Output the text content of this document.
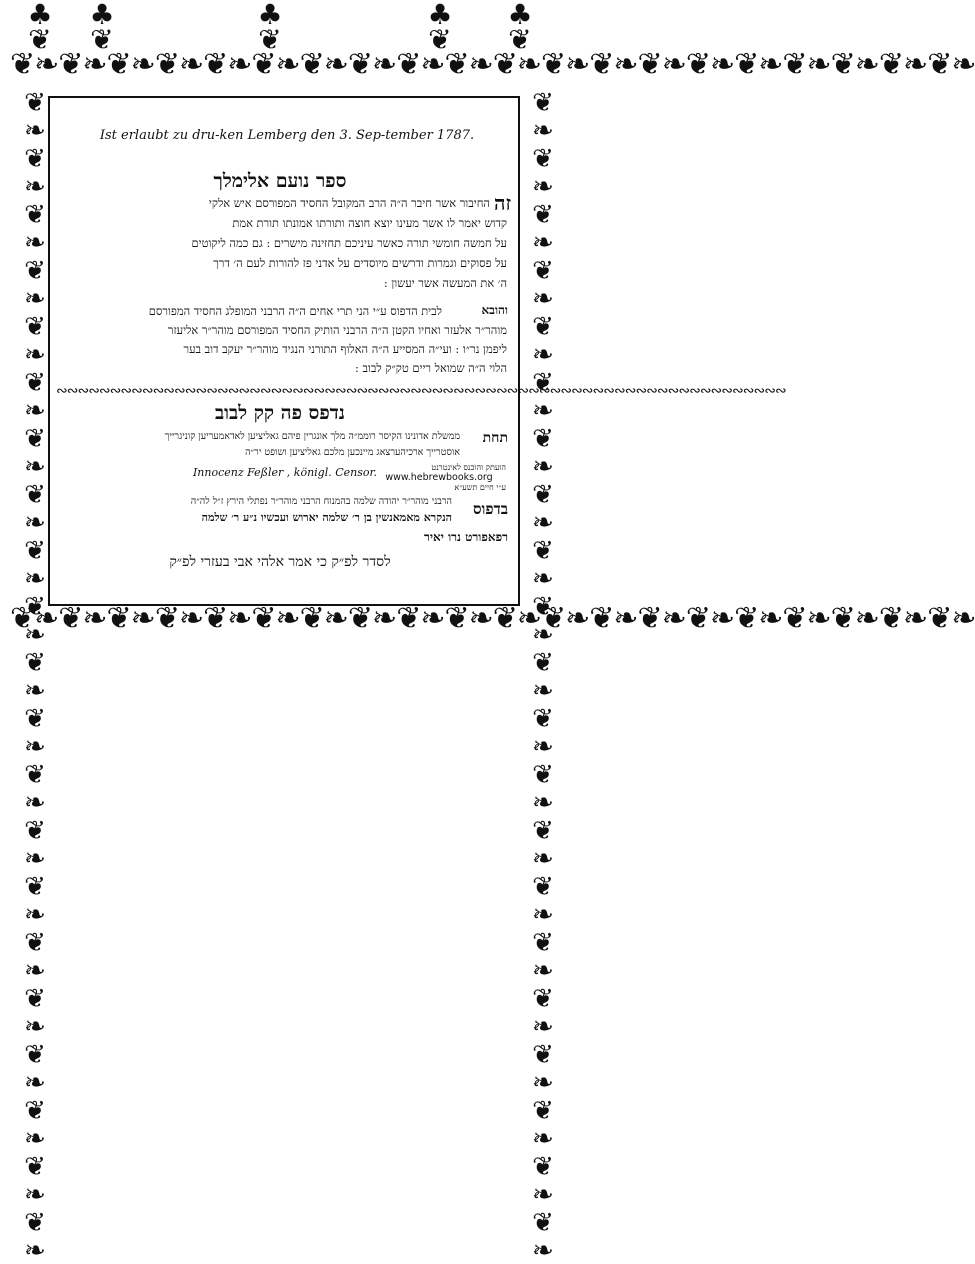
♣
❦
♣
❦
♣
❦
♣
❦
♣
❦
❦❧❦❧❦❧❦❧❦❧❦❧❦❧❦❧❦❧❦❧❦❧❦❧❦❧❦❧❦❧❦❧❦❧❦❧❦❧❦❧
❦❧❦❧❦❧❦❧❦❧❦❧❦❧❦❧❦❧❦❧❦❧❦❧❦❧❦❧❦❧❦❧❦❧❦❧❦❧❦❧
❦❧❦❧❦❧❦❧❦❧❦❧❦❧❦❧❦❧❦❧❦❧❦❧❦❧❦❧❦❧❦❧❦❧❦❧❦❧❦❧❦❧	❦❧❦❧❦❧❦❧❦❧❦❧❦❧❦❧❦❧❦❧❦❧❦❧❦❧❦❧❦❧❦❧❦❧❦❧❦❧❦❧❦❧
Ist erlaubt zu dru-ken Lemberg den 3. Sep-tember 1787.
ספר נועם אלימלך
זה
החיבור אשר חיבר ה״ה הרב המקובל החסיד המפורסם איש אלקי
קדוש יאמר לו אשר מעינו יוצא חוצה ותורתו אמונתו תורת אמת
על חמשה חומשי תורה כאשר עיניכם תחזינה מישרים : גם כמה ליקוטים
על פסוקים וגמרות ודרשים מיוסדים על אדני פז להורות לעם ה׳ דרך
ה׳ את המעשה אשר יעשון :
והובא
לבית הדפוס ע״י הני תרי אחים ה״ה הרבני המופלג החסיד המפורסם
מוהר״ר אלעזר ואחיו הקטן ה״ה הרבני הותיק החסיד המפורסם מוהר״ר אליעזר
ליפמן נר״ו : ועי״ה המסייע ה״ה האלוף התורני הנגיד מוהר״ר יעקב דוב בער
הלוי ה״ה שמואל ריים טק״ק לבוב :
∾∾∾∾∾∾∾∾∾∾∾∾∾∾∾∾∾∾∾∾∾∾∾∾∾∾∾∾∾∾∾∾∾∾∾∾∾∾∾∾∾∾∾∾∾∾∾∾∾∾∾∾∾∾∾∾∾∾∾∾∾∾∾∾∾∾∾∾
נדפס פה קק לבוב
תחת
ממשלת אדונינו הקיסר רוממ״ה מלך אונגרין פיהם גאליציען לאדאמעריען קוניגרייך
אוסטרייך ארכיהערצאג מיינכען מלכם גאליציען ושופט יר״ה
הועתק והוכנס לאינטרנט
www.hebrewbooks.org
ע״י חיים תשע״א
Innocenz Feßler , königl. Censor.
בדפוס
הרבני מוהר״ר יהודה שלמה בהמנוח הרבני מוהר״ר נפתלי הירץ ז״ל לה״ה
הנקרא מאמאנשין בן ר׳ שלמה יארוש ועכשיו נ״ע ר׳ שלמה
רפאפורט נרו יאיר
לסדר לפ״ק כי אמר אלהי אבי בעזרי לפ״ק
